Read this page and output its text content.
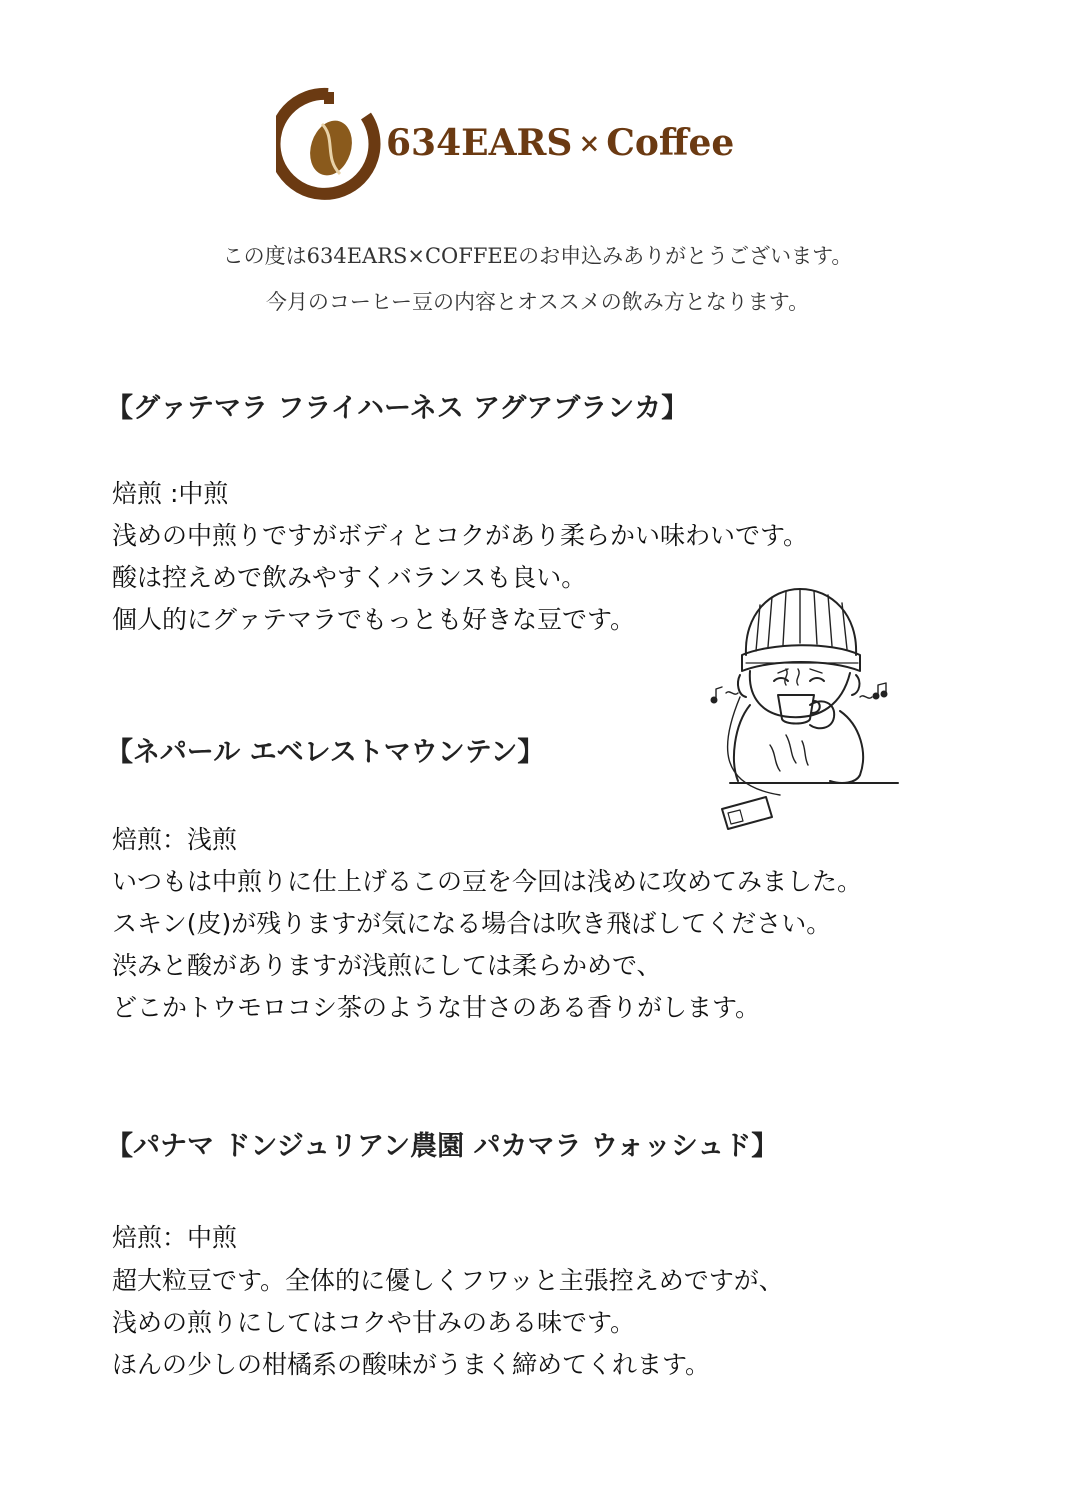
634EARS × Coffee
この度は634EARS×COFFEEのお申込みありがとうございます。
今月のコーヒー豆の内容とオススメの飲み方となります。
【グァテマラ フライハーネス アグアブランカ】
焙煎 :中煎
浅めの中煎りですがボディとコクがあり柔らかい味わいです。
酸は控えめで飲みやすくバランスも良い。
個人的にグァテマラでもっとも好きな豆です。
【ネパール エベレストマウンテン】
焙煎：浅煎
いつもは中煎りに仕上げるこの豆を今回は浅めに攻めてみました。
スキン(皮)が残りますが気になる場合は吹き飛ばしてください。
渋みと酸がありますが浅煎にしては柔らかめで、
どこかトウモロコシ茶のような甘さのある香りがします。
【パナマ ドンジュリアン農園 パカマラ ウォッシュド】
焙煎：中煎
超大粒豆です。全体的に優しくフワッと主張控えめですが、
浅めの煎りにしてはコクや甘みのある味です。
ほんの少しの柑橘系の酸味がうまく締めてくれます。
